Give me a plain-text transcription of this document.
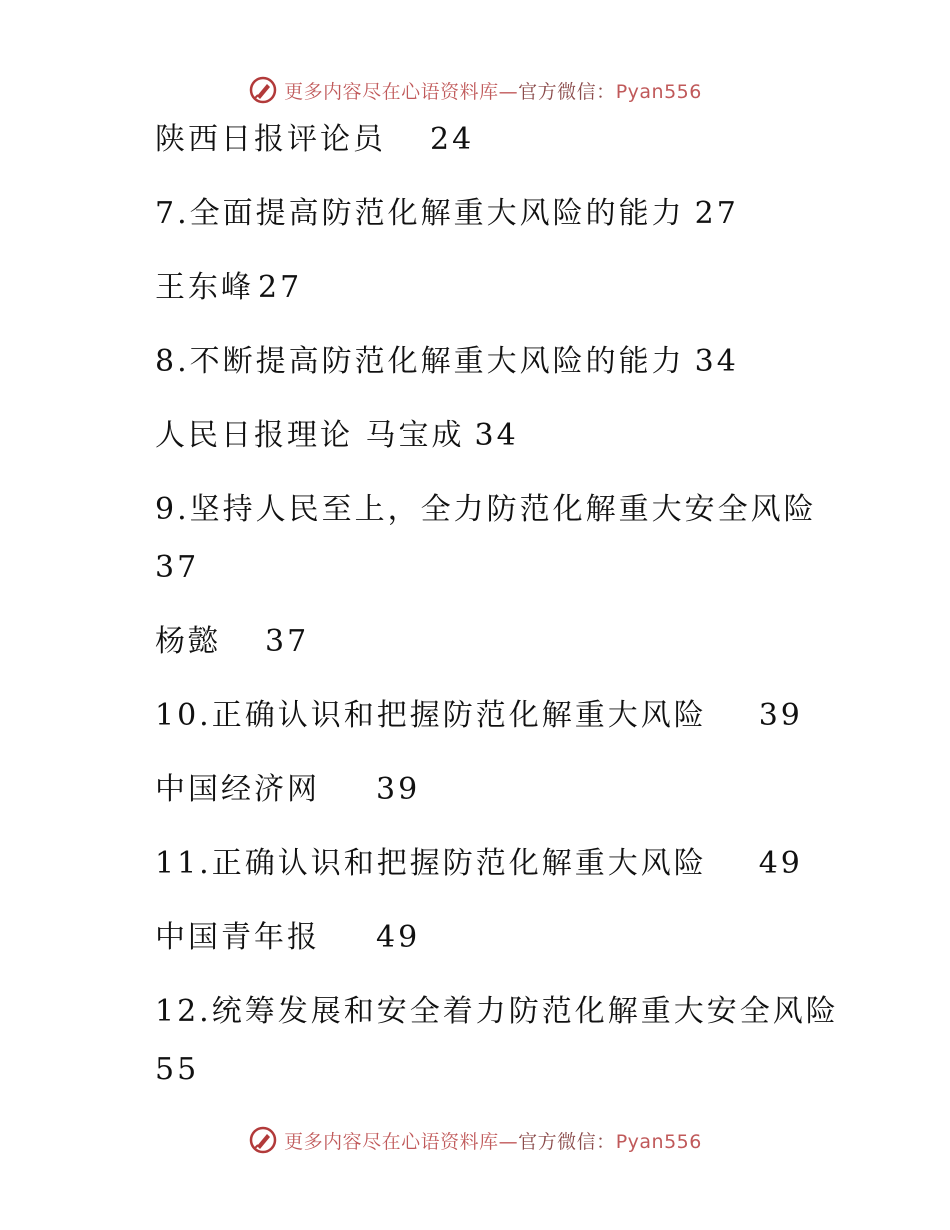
更多内容尽在心语资料库—官方微信：Pyan556
陕西日报评论员 24
7.全面提高防范化解重大风险的能力 27
王东峰 27
8.不断提高防范化解重大风险的能力 34
人民日报理论 马宝成 34
9.坚持人民至上，全力防范化解重大安全风险
37
杨懿 37
10.正确认识和把握防范化解重大风险 39
中国经济网 39
11.正确认识和把握防范化解重大风险 49
中国青年报 49
12.统筹发展和安全着力防范化解重大安全风险
55
更多内容尽在心语资料库—官方微信：Pyan556
